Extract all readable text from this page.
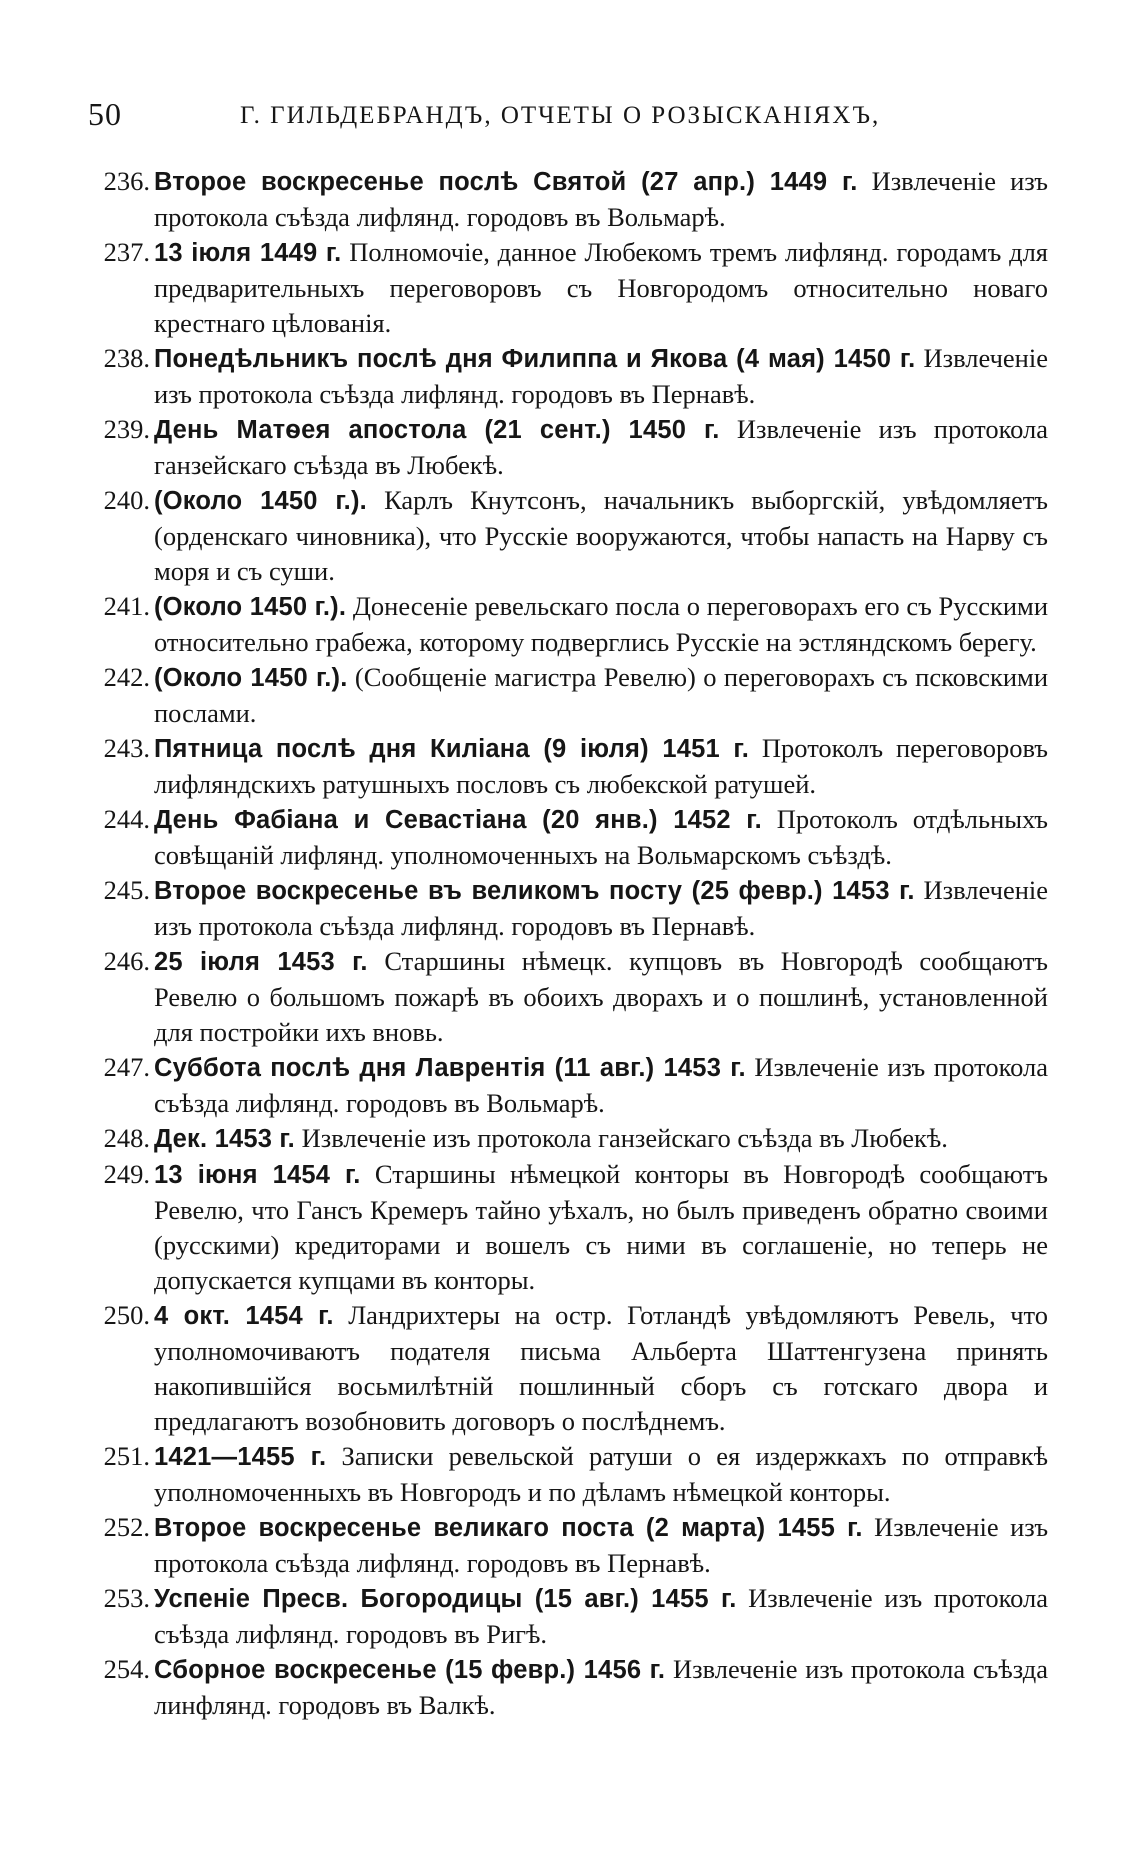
50	Г. ГИЛЬДЕБРАНДЪ, ОТЧЕТЫ О РОЗЫСКАНIЯХЪ,
236. Второе воскресенье послѣ Святой (27 апр.) 1449 г. Извлеченіе изъ протокола съѣзда лифлянд. городовъ въ Вольмарѣ.
237. 13 іюля 1449 г. Полномочіе, данное Любекомъ тремъ лифлянд. городамъ для предварительныхъ переговоровъ съ Новгородомъ относительно новаго крестнаго цѣлованія.
238. Понедѣльникъ послѣ дня Филиппа и Якова (4 мая) 1450 г. Извлеченіе изъ протокола съѣзда лифлянд. городовъ въ Пернавѣ.
239. День Матѳея апостола (21 сент.) 1450 г. Извлеченіе изъ протокола ганзейскаго съѣзда въ Любекѣ.
240. (Около 1450 г.). Карлъ Кнутсонъ, начальникъ выборгскій, увѣдомляетъ (орденскаго чиновника), что Русскіе вооружаются, чтобы напасть на Нарву съ моря и съ суши.
241. (Около 1450 г.). Донесеніе ревельскаго посла о переговорахъ его съ Русскими относительно грабежа, которому подверглись Русскіе на эстляндскомъ берегу.
242. (Около 1450 г.). (Сообщеніе магистра Ревелю) о переговорахъ съ псковскими послами.
243. Пятница послѣ дня Киліана (9 іюля) 1451 г. Протоколъ переговоровъ лифляндскихъ ратушныхъ пословъ съ любекской ратушей.
244. День Фабіана и Севастіана (20 янв.) 1452 г. Протоколъ отдѣльныхъ совѣщаній лифлянд. уполномоченныхъ на Вольмарскомъ съѣздѣ.
245. Второе воскресенье въ великомъ посту (25 февр.) 1453 г. Извлеченіе изъ протокола съѣзда лифлянд. городовъ въ Пернавѣ.
246. 25 іюля 1453 г. Старшины нѣмецк. купцовъ въ Новгородѣ сообщаютъ Ревелю о большомъ пожарѣ въ обоихъ дворахъ и о пошлинѣ, установленной для постройки ихъ вновь.
247. Суббота послѣ дня Лаврентія (11 авг.) 1453 г. Извлеченіе изъ протокола съѣзда лифлянд. городовъ въ Вольмарѣ.
248. Дек. 1453 г. Извлеченіе изъ протокола ганзейскаго съѣзда въ Любекѣ.
249. 13 іюня 1454 г. Старшины нѣмецкой конторы въ Новгородѣ сообщаютъ Ревелю, что Гансъ Кремеръ тайно уѣхалъ, но былъ приведенъ обратно своими (русскими) кредиторами и вошелъ съ ними въ соглашеніе, но теперь не допускается купцами въ конторы.
250. 4 окт. 1454 г. Ландрихтеры на остр. Готландѣ увѣдомляютъ Ревель, что уполномочиваютъ подателя письма Альберта Шаттенгузена принять накопившійся восьмилѣтній пошлинный сборъ съ готскаго двора и предлагаютъ возобновить договоръ о послѣднемъ.
251. 1421—1455 г. Записки ревельской ратуши о ея издержкахъ по отправкѣ уполномоченныхъ въ Новгородъ и по дѣламъ нѣмецкой конторы.
252. Второе воскресенье великаго поста (2 марта) 1455 г. Извлеченіе изъ протокола съѣзда лифлянд. городовъ въ Пернавѣ.
253. Успеніе Пресв. Богородицы (15 авг.) 1455 г. Извлеченіе изъ протокола съѣзда лифлянд. городовъ въ Ригѣ.
254. Сборное воскресенье (15 февр.) 1456 г. Извлеченіе изъ протокола съѣзда линфлянд. городовъ въ Валкѣ.
